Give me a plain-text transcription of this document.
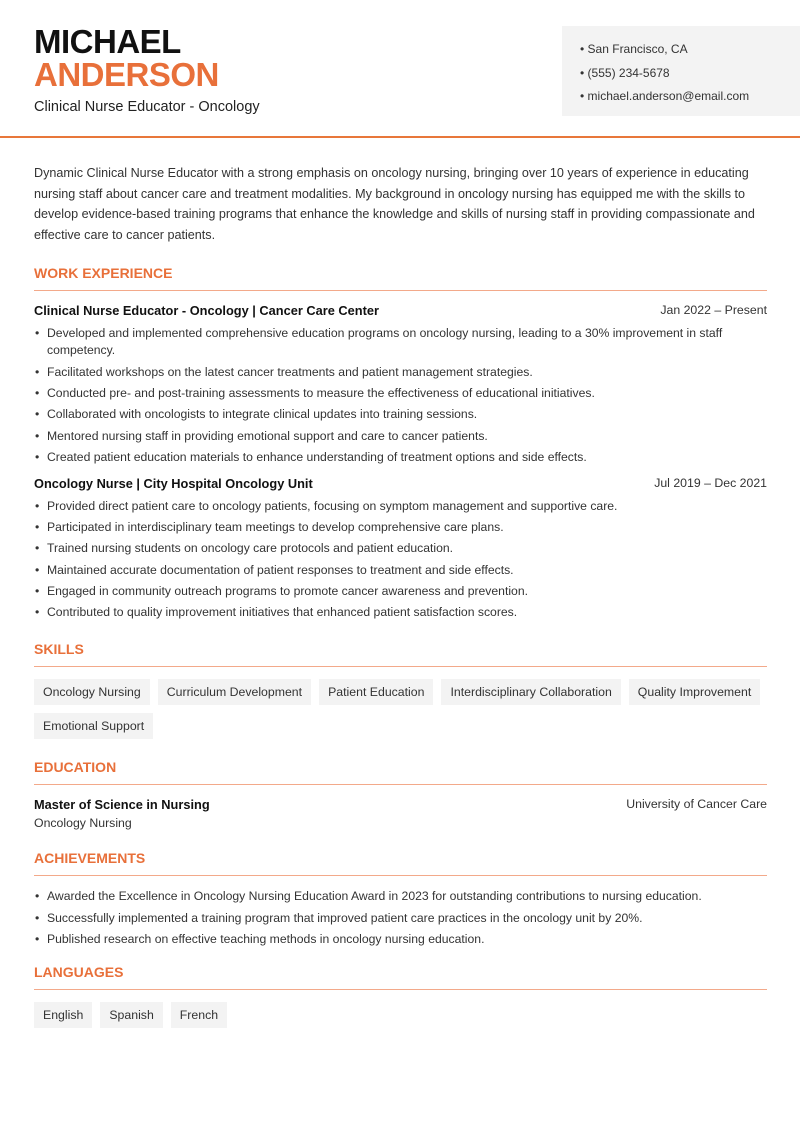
MICHAEL
ANDERSON
Clinical Nurse Educator - Oncology
• San Francisco, CA
• (555) 234-5678
• michael.anderson@email.com

Dynamic Clinical Nurse Educator with a strong emphasis on oncology nursing, bringing over 10 years of experience in educating nursing staff about cancer care and treatment modalities. My background in oncology nursing has equipped me with the skills to develop evidence-based training programs that enhance the knowledge and skills of nursing staff in providing compassionate and effective care to cancer patients.

WORK EXPERIENCE
Clinical Nurse Educator - Oncology | Cancer Care Center	Jan 2022 – Present
• Developed and implemented comprehensive education programs on oncology nursing, leading to a 30% improvement in staff competency.
• Facilitated workshops on the latest cancer treatments and patient management strategies.
• Conducted pre- and post-training assessments to measure the effectiveness of educational initiatives.
• Collaborated with oncologists to integrate clinical updates into training sessions.
• Mentored nursing staff in providing emotional support and care to cancer patients.
• Created patient education materials to enhance understanding of treatment options and side effects.
Oncology Nurse | City Hospital Oncology Unit	Jul 2019 – Dec 2021
• Provided direct patient care to oncology patients, focusing on symptom management and supportive care.
• Participated in interdisciplinary team meetings to develop comprehensive care plans.
• Trained nursing students on oncology care protocols and patient education.
• Maintained accurate documentation of patient responses to treatment and side effects.
• Engaged in community outreach programs to promote cancer awareness and prevention.
• Contributed to quality improvement initiatives that enhanced patient satisfaction scores.
SKILLS
Oncology Nursing	Curriculum Development	Patient Education	Interdisciplinary Collaboration	Quality Improvement
Emotional Support
EDUCATION
Master of Science in Nursing	University of Cancer Care
Oncology Nursing
ACHIEVEMENTS
• Awarded the Excellence in Oncology Nursing Education Award in 2023 for outstanding contributions to nursing education.
• Successfully implemented a training program that improved patient care practices in the oncology unit by 20%.
• Published research on effective teaching methods in oncology nursing education.
LANGUAGES
English	Spanish	French
